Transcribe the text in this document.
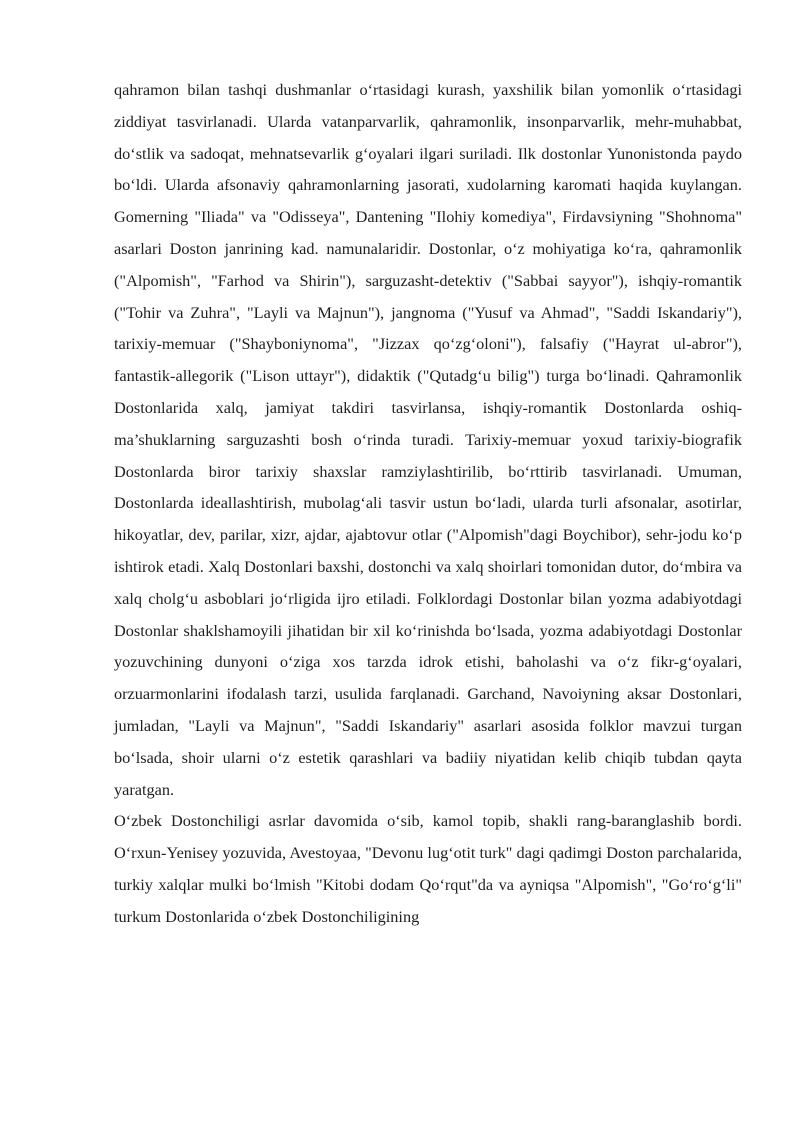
qahramon bilan tashqi dushmanlar o‘rtasidagi kurash, yaxshilik bilan yomonlik o‘rtasidagi ziddiyat tasvirlanadi. Ularda vatanparvarlik, qahramonlik, insonparvarlik, mehr-muhabbat, do‘stlik va sadoqat, mehnatsevarlik g‘oyalari ilgari suriladi. Ilk dostonlar Yunonistonda paydo bo‘ldi. Ularda afsonaviy qahramonlarning jasorati, xudolarning karomati haqida kuylangan. Gomerning "Iliada" va "Odisseya", Dantening "Ilohiy komediya", Firdavsiyning "Shohnoma" asarlari Doston janrining kad. namunalaridir. Dostonlar, o‘z mohiyatiga ko‘ra, qahramonlik ("Alpomish", "Farhod va Shirin"), sarguzasht-detektiv ("Sabbai sayyor"), ishqiy-romantik ("Tohir va Zuhra", "Layli va Majnun"), jangnoma ("Yusuf va Ahmad", "Saddi Iskandariy"), tarixiy-memuar ("Shayboniynoma", "Jizzax qo‘zg‘oloni"), falsafiy ("Hayrat ul-abror"), fantastik-allegorik ("Lison uttayr"), didaktik ("Qutadg‘u bilig") turga bo‘linadi. Qahramonlik Dostonlarida xalq, jamiyat takdiri tasvirlansa, ishqiy-romantik Dostonlarda oshiq-ma’shuklarning sarguzashti bosh o‘rinda turadi. Tarixiy-memuar yoxud tarixiy-biografik Dostonlarda biror tarixiy shaxslar ramziylashtirilib, bo‘rttirib tasvirlanadi. Umuman, Dostonlarda ideallashtirish, mubolag‘ali tasvir ustun bo‘ladi, ularda turli afsonalar, asotirlar, hikoyatlar, dev, parilar, xizr, ajdar, ajabtovur otlar ("Alpomish"dagi Boychibor), sehr-jodu ko‘p ishtirok etadi. Xalq Dostonlari baxshi, dostonchi va xalq shoirlari tomonidan dutor, do‘mbira va xalq cholg‘u asboblari jo‘rligida ijro etiladi. Folklordagi Dostonlar bilan yozma adabiyotdagi Dostonlar shaklshamoyili jihatidan bir xil ko‘rinishda bo‘lsada, yozma adabiyotdagi Dostonlar yozuvchining dunyoni o‘ziga xos tarzda idrok etishi, baholashi va o‘z fikr-g‘oyalari, orzuarmonlarini ifodalash tarzi, usulida farqlanadi. Garchand, Navoiyning aksar Dostonlari, jumladan, "Layli va Majnun", "Saddi Iskandariy" asarlari asosida folklor mavzui turgan bo‘lsada, shoir ularni o‘z estetik qarashlari va badiiy niyatidan kelib chiqib tubdan qayta yaratgan.

O‘zbek Dostonchiligi asrlar davomida o‘sib, kamol topib, shakli rang-baranglashib bordi. O‘rxun-Yenisey yozuvida, Avestoyaa, "Devonu lug‘otit turk" dagi qadimgi Doston parchalarida, turkiy xalqlar mulki bo‘lmish "Kitobi dodam Qo‘rqut"da va ayniqsa "Alpomish", "Go‘ro‘g‘li" turkum Dostonlarida o‘zbek Dostonchiligining
